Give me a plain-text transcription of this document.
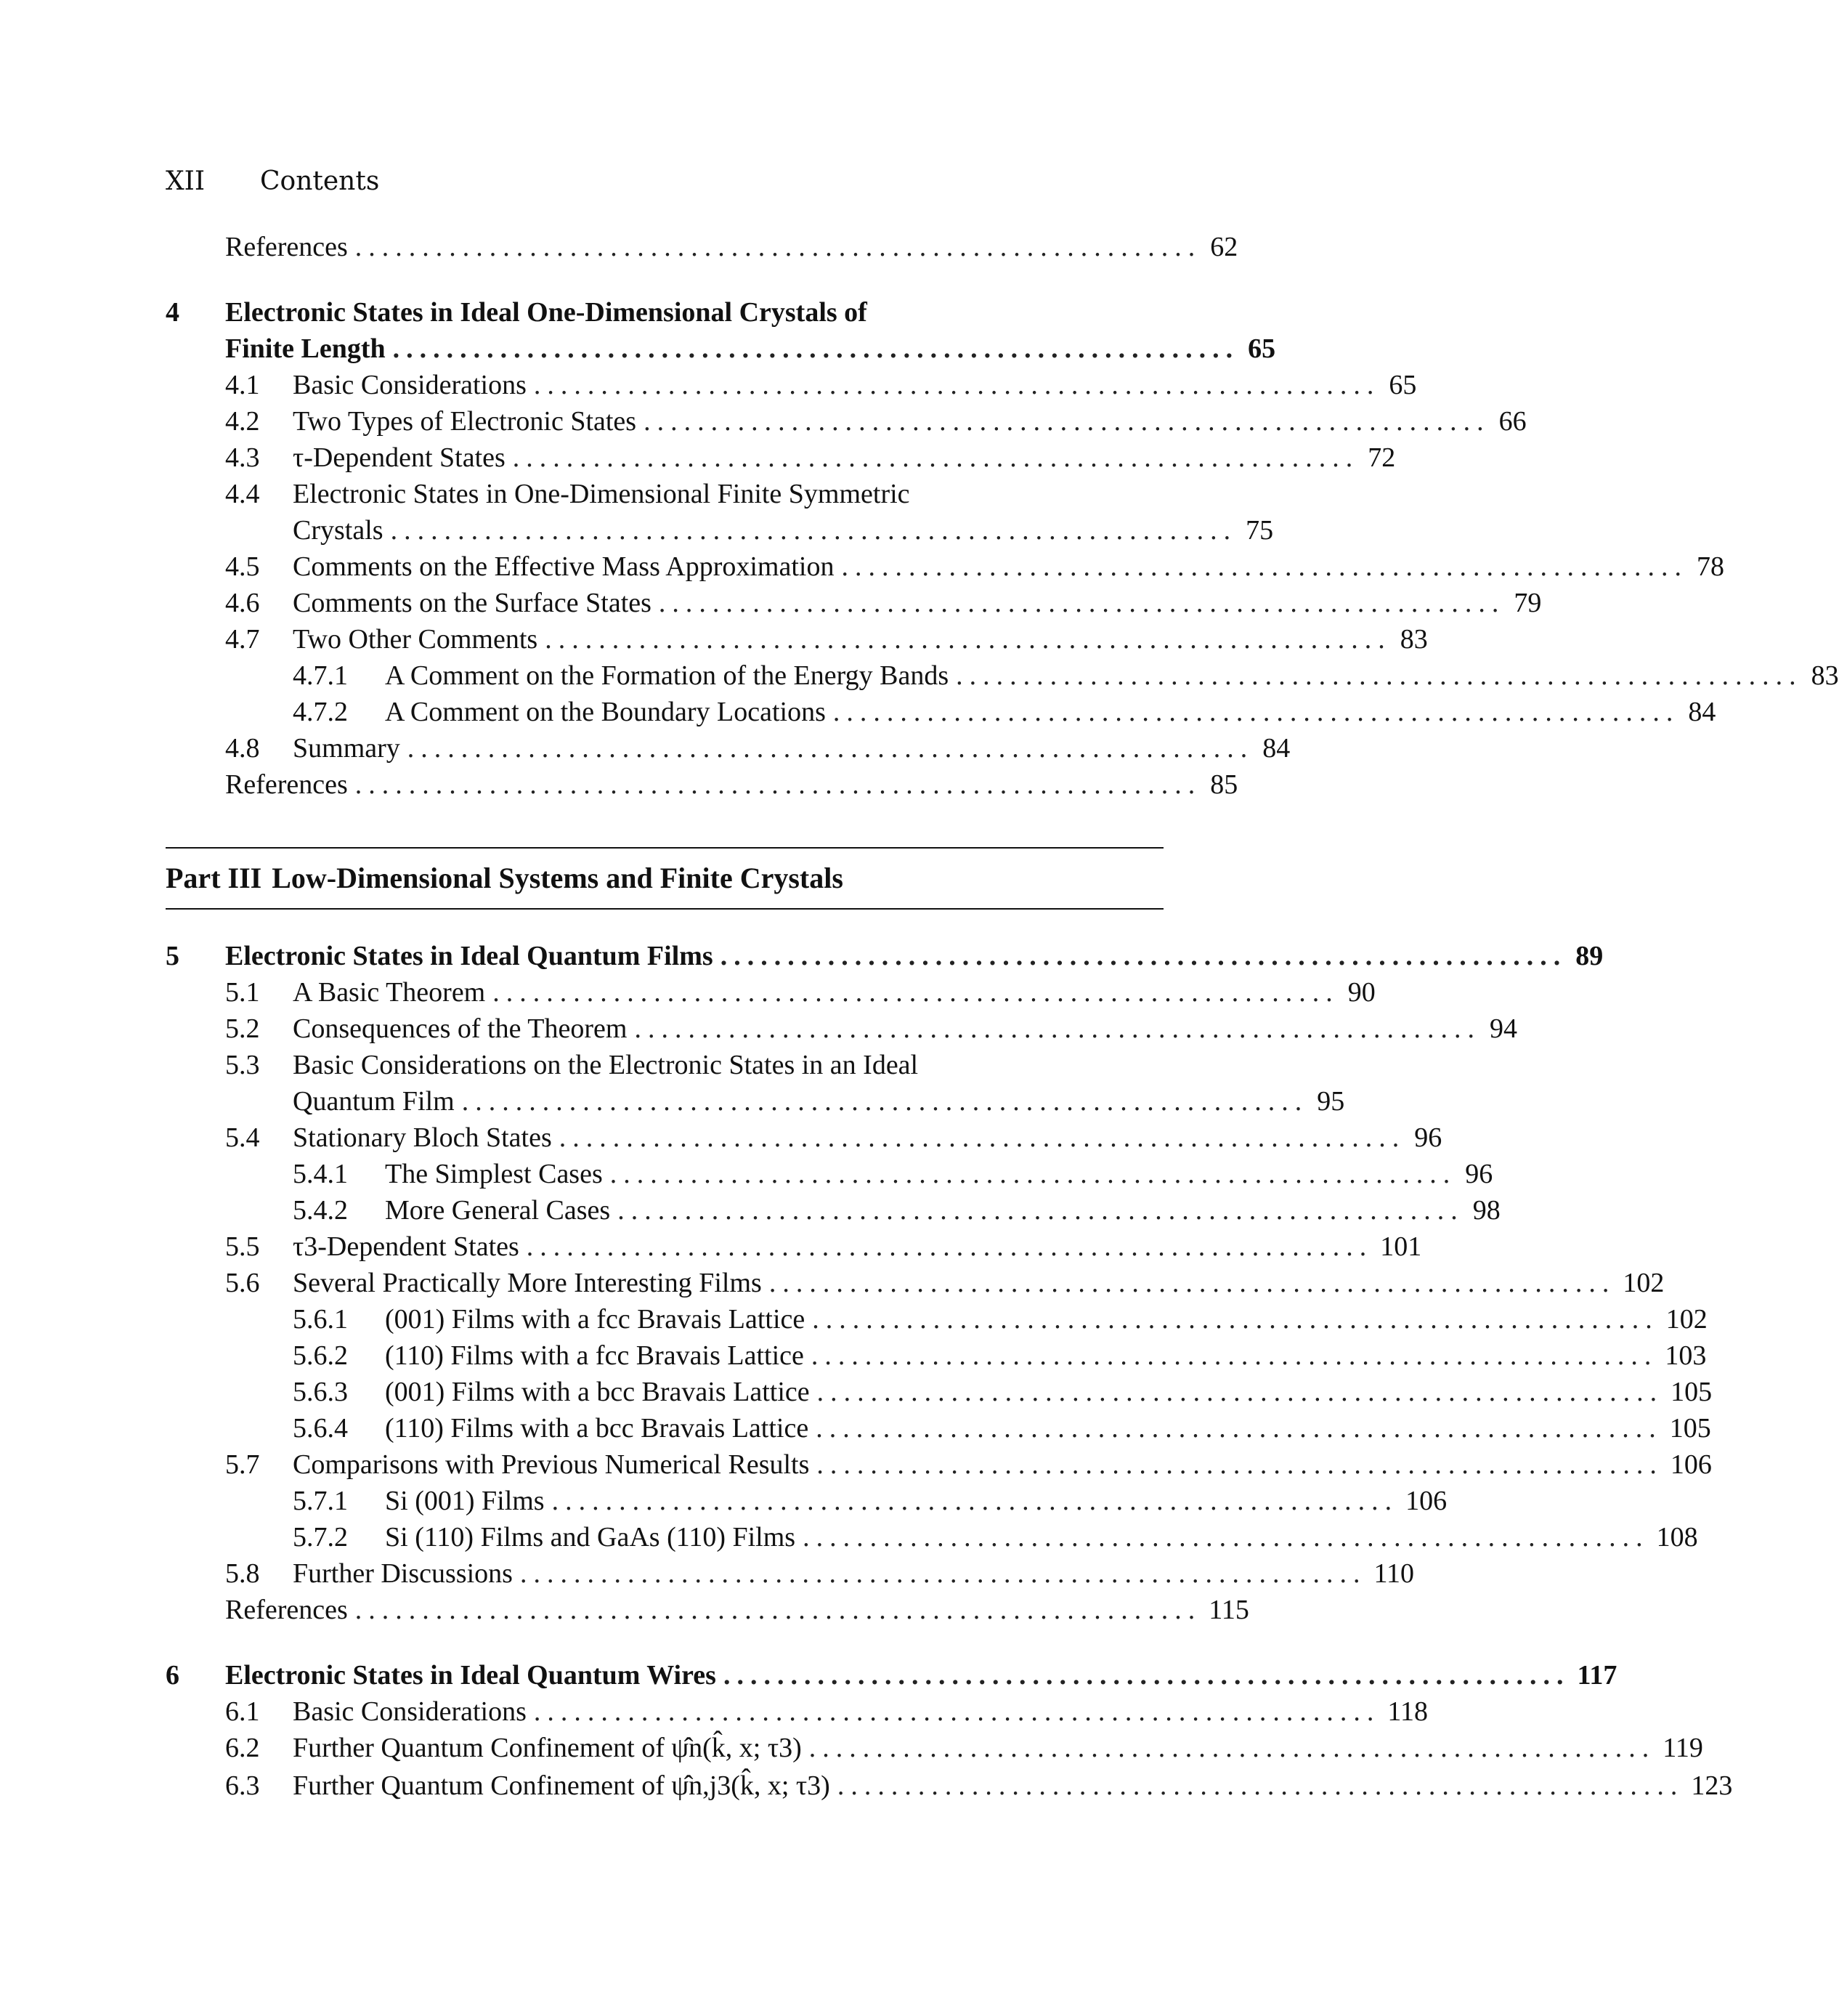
XII Contents
References ............................................................... 62
4 Electronic States in Ideal One-Dimensional Crystals of
Finite Length ............................................................... 65
4.1 Basic Considerations ............................................................... 65
4.2 Two Types of Electronic States ............................................................... 66
4.3 τ-Dependent States ............................................................... 72
4.4 Electronic States in One-Dimensional Finite Symmetric
Crystals ............................................................... 75
4.5 Comments on the Effective Mass Approximation ............................................................... 78
4.6 Comments on the Surface States ............................................................... 79
4.7 Two Other Comments ............................................................... 83
4.7.1 A Comment on the Formation of the Energy Bands ............................................................... 83
4.7.2 A Comment on the Boundary Locations ............................................................... 84
4.8 Summary ............................................................... 84
References ............................................................... 85
Part III Low-Dimensional Systems and Finite Crystals
5 Electronic States in Ideal Quantum Films ............................................................... 89
5.1 A Basic Theorem ............................................................... 90
5.2 Consequences of the Theorem ............................................................... 94
5.3 Basic Considerations on the Electronic States in an Ideal
Quantum Film ............................................................... 95
5.4 Stationary Bloch States ............................................................... 96
5.4.1 The Simplest Cases ............................................................... 96
5.4.2 More General Cases ............................................................... 98
5.5 τ3-Dependent States ............................................................... 101
5.6 Several Practically More Interesting Films ............................................................... 102
5.6.1 (001) Films with a fcc Bravais Lattice ............................................................... 102
5.6.2 (110) Films with a fcc Bravais Lattice ............................................................... 103
5.6.3 (001) Films with a bcc Bravais Lattice ............................................................... 105
5.6.4 (110) Films with a bcc Bravais Lattice ............................................................... 105
5.7 Comparisons with Previous Numerical Results ............................................................... 106
5.7.1 Si (001) Films ............................................................... 106
5.7.2 Si (110) Films and GaAs (110) Films ............................................................... 108
5.8 Further Discussions ............................................................... 110
References ............................................................... 115
6 Electronic States in Ideal Quantum Wires ............................................................... 117
6.1 Basic Considerations ............................................................... 118
6.2 Further Quantum Confinement of ψ̂n(k̂, x; τ3) ............................................................... 119
6.3 Further Quantum Confinement of ψ̂n,j3(k̂, x; τ3) ............................................................... 123
